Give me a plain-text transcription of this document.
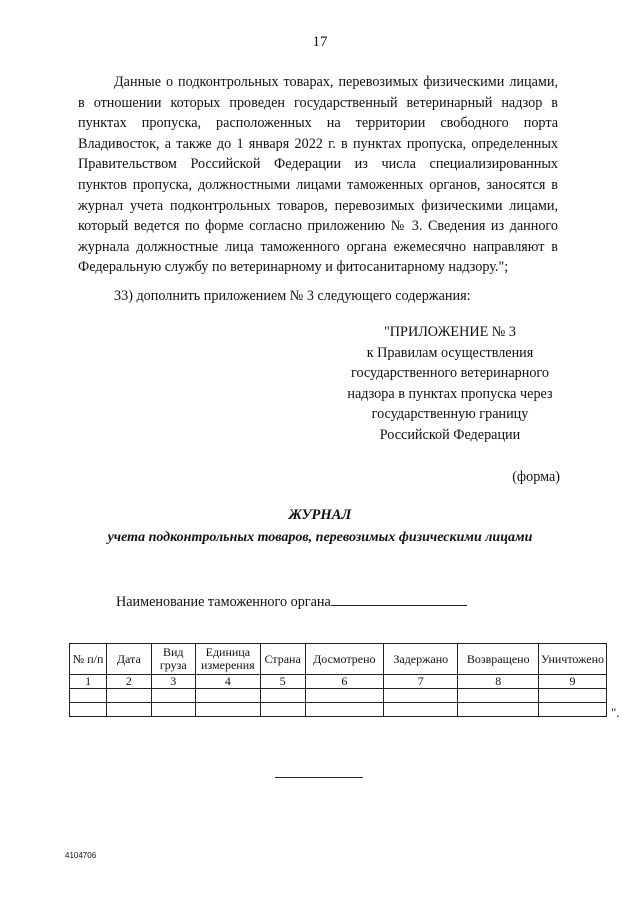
17
Данные о подконтрольных товарах, перевозимых физическими лицами, в отношении которых проведен государственный ветеринарный надзор в пунктах пропуска, расположенных на территории свободного порта Владивосток, а также до 1 января 2022 г. в пунктах пропуска, определенных Правительством Российской Федерации из числа специализированных пунктов пропуска, должностными лицами таможенных органов, заносятся в журнал учета подконтрольных товаров, перевозимых физическими лицами, который ведется по форме согласно приложению № 3. Сведения из данного журнала должностные лица таможенного органа ежемесячно направляют в Федеральную службу по ветеринарному и фитосанитарному надзору.";
33) дополнить приложением № 3 следующего содержания:
"ПРИЛОЖЕНИЕ № 3
к Правилам осуществления
государственного ветеринарного
надзора в пунктах пропуска через
государственную границу
Российской Федерации
(форма)
ЖУРНАЛ
учета подконтрольных товаров, перевозимых физическими лицами
Наименование таможенного органа
№ п/п	Дата	Вид груза	Единица измерения	Страна	Досмотрено	Задержано	Возвращено	Уничтожено
1	2	3	4	5	6	7	8	9

".
4104706
